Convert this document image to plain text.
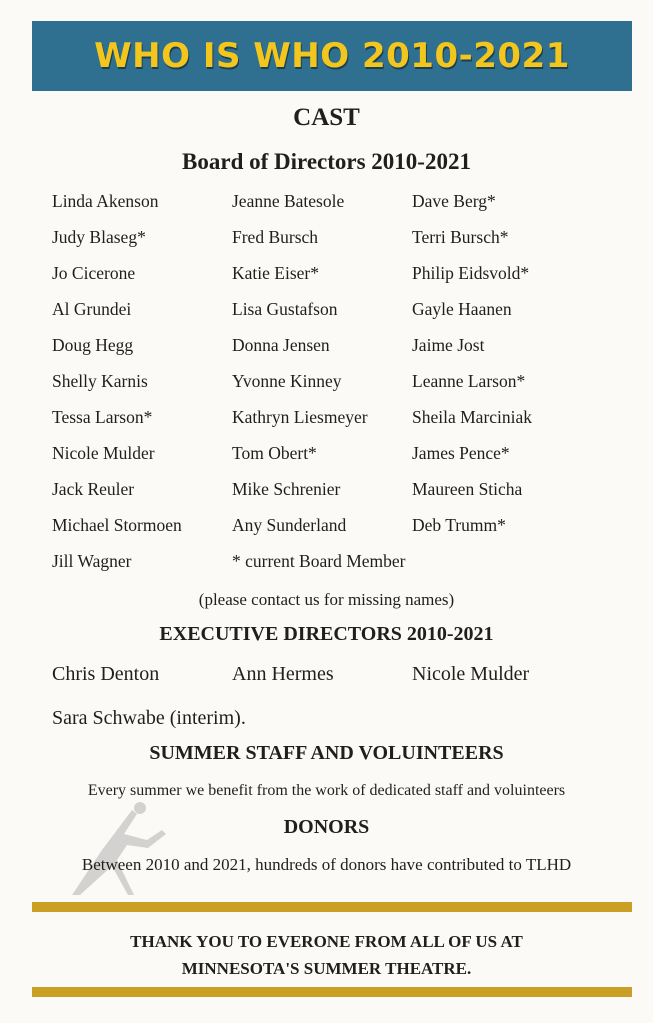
WHO IS WHO 2010-2021
CAST
Board of Directors 2010-2021
Linda Akenson	Jeanne Batesole	Dave Berg*
Judy Blaseg*	Fred Bursch	Terri Bursch*
Jo Cicerone	Katie Eiser*	Philip Eidsvold*
Al Grundei	Lisa Gustafson	Gayle Haanen
Doug Hegg	Donna Jensen	Jaime Jost
Shelly Karnis	Yvonne Kinney	Leanne Larson*
Tessa Larson*	Kathryn Liesmeyer	Sheila Marciniak
Nicole Mulder	Tom Obert*	James Pence*
Jack Reuler	Mike Schrenier	Maureen Sticha
Michael Stormoen	Any Sunderland	Deb Trumm*
Jill Wagner	* current Board Member
(please contact us for missing names)
EXECUTIVE DIRECTORS 2010-2021
Chris Denton	Ann Hermes	Nicole Mulder
Sara Schwabe (interim).
SUMMER STAFF AND VOLUINTEERS
Every summer we benefit from the work of dedicated staff and voluinteers
DONORS
Between 2010 and 2021, hundreds of donors have contributed to TLHD
THANK YOU TO EVERONE FROM ALL OF US AT
MINNESOTA'S SUMMER THEATRE.
